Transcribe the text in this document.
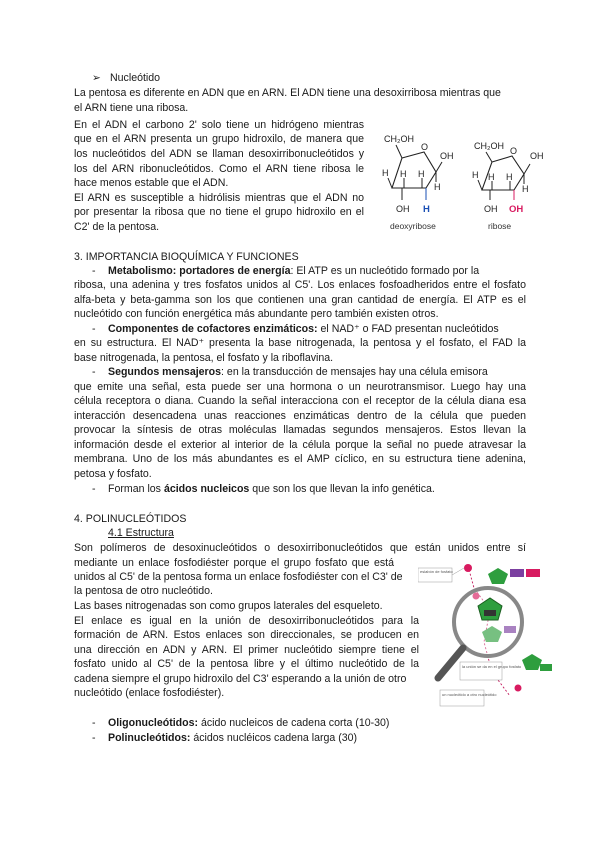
➢ Nucleótido
La pentosa es diferente en ADN que en ARN. El ADN tiene una desoxirribosa mientras que
el ARN tiene una ribosa.
En el ADN el carbono 2' solo tiene un hidrógeno mientras
que en el ARN presenta un grupo hidroxilo, de manera que
los nucleótidos del ADN se llaman desoxirribonucleótidos y
los del ARN ribonucleótidos. Como el ARN tiene ribosa le
hace menos estable que el ADN.
El ARN es susceptible a hidrólisis mientras que el ADN no
por presentar la ribosa que no tiene el grupo hidroxilo en el
C2' de la pentosa.
CH₂OH
O
OH
H
H
H H
OH H
deoxyribose
CH₂OH O OH
H
H
H H
OH OH
ribose
3. IMPORTANCIA BIOQUÍMICA Y FUNCIONES
- Metabolismo: portadores de energía: El ATP es un nucleótido formado por la
ribosa, una adenina y tres fosfatos unidos al C5'. Los enlaces fosfoadheridos entre el fosfato
alfa-beta y beta-gamma son los que contienen una gran cantidad de energía. El ATP es el
nucleótido con función energética más abundante pero también existen otros.
- Componentes de cofactores enzimáticos: el NAD⁺ o FAD presentan nucleótidos
en su estructura. El NAD⁺ presenta la base nitrogenada, la pentosa y el fosfato, el FAD la
base nitrogenada, la pentosa, el fosfato y la riboflavina.
- Segundos mensajeros: en la transducción de mensajes hay una célula emisora
que emite una señal, esta puede ser una hormona o un neurotransmisor. Luego hay una
célula receptora o diana. Cuando la señal interacciona con el receptor de la célula diana esa
interacción desencadena unas reacciones enzimáticas dentro de la célula que pueden
provocar la síntesis de otras moléculas llamadas segundos mensajeros. Estos llevan la
información desde el exterior al interior de la célula porque la señal no puede atravesar la
membrana. Uno de los más abundantes es el AMP cíclico, en su estructura tiene adenina,
petosa y fosfato.
- Forman los ácidos nucleicos que son los que llevan la info genética.
4. POLINUCLEÓTIDOS
4.1 Estructura
Son polímeros de desoxinucleótidos o desoxirribonucleótidos que están unidos entre sí
mediante un enlace fosfodiéster porque el grupo fosfato que está
unidos al C5' de la pentosa forma un enlace fosfodiéster con el C3' de
la pentosa de otro nucleótido.
Las bases nitrogenadas son como grupos laterales del esqueleto.
El enlace es igual en la unión de desoxirribonucleótidos para la
formación de ARN. Estos enlaces son direccionales, se producen en
una dirección en ADN y ARN. El primer nucleótido siempre tiene el
fosfato unido al C5' de la pentosa libre y el último nucleótido de la
cadena siempre el grupo hidroxilo del C3' esperando a la unión de otro
nucleótido (enlace fosfodiéster).
- Oligonucleótidos: ácido nucleicos de cadena corta (10-30)
- Polinucleótidos: ácidos nucléicos cadena larga (30)
eslabón de fosfato
la unión se da en el grupo fosfato
un nucleótido a otro nucleótido
